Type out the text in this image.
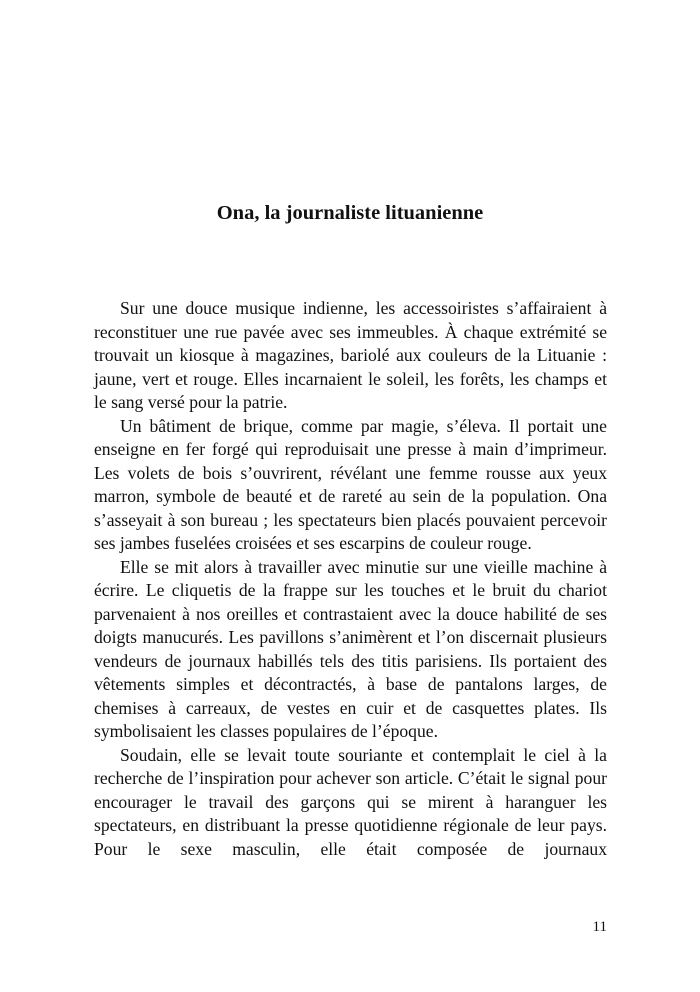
Ona, la journaliste lituanienne

Sur une douce musique indienne, les accessoiristes s’affairaient à reconstituer une rue pavée avec ses immeubles. À chaque extrémité se trouvait un kiosque à magazines, bariolé aux couleurs de la Lituanie : jaune, vert et rouge. Elles incarnaient le soleil, les forêts, les champs et le sang versé pour la patrie.

Un bâtiment de brique, comme par magie, s’éleva. Il portait une enseigne en fer forgé qui reproduisait une presse à main d’imprimeur. Les volets de bois s’ouvrirent, révélant une femme rousse aux yeux marron, symbole de beauté et de rareté au sein de la population. Ona s’asseyait à son bureau ; les spectateurs bien placés pouvaient percevoir ses jambes fuselées croisées et ses escarpins de couleur rouge.

Elle se mit alors à travailler avec minutie sur une vieille machine à écrire. Le cliquetis de la frappe sur les touches et le bruit du chariot parvenaient à nos oreilles et contrastaient avec la douce habilité de ses doigts manucurés. Les pavillons s’animèrent et l’on discernait plusieurs vendeurs de journaux habillés tels des titis parisiens. Ils portaient des vêtements simples et décontractés, à base de pantalons larges, de chemises à carreaux, de vestes en cuir et de casquettes plates. Ils symbolisaient les classes populaires de l’époque.

Soudain, elle se levait toute souriante et contemplait le ciel à la recherche de l’inspiration pour achever son article. C’était le signal pour encourager le travail des garçons qui se mirent à haranguer les spectateurs, en distribuant la presse quotidienne régionale de leur pays. Pour le sexe masculin, elle était composée de journaux

11
